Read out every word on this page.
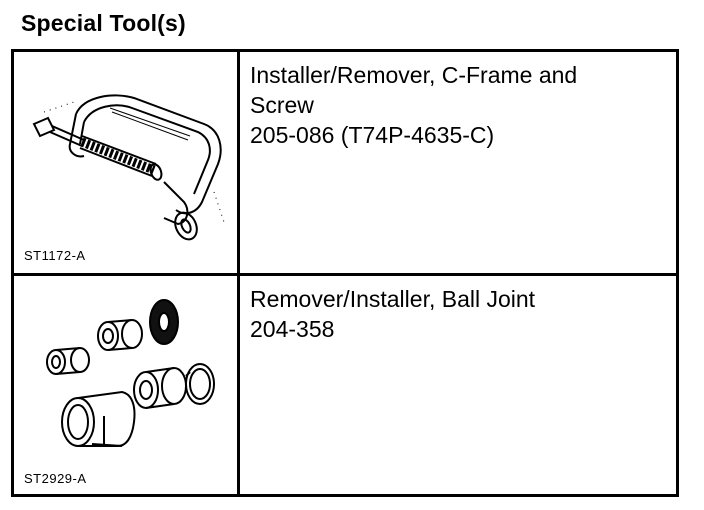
Special Tool(s)
ST1172-A
Installer/Remover, C-Frame and
Screw
205-086 (T74P-4635-C)
ST2929-A
Remover/Installer, Ball Joint
204-358
